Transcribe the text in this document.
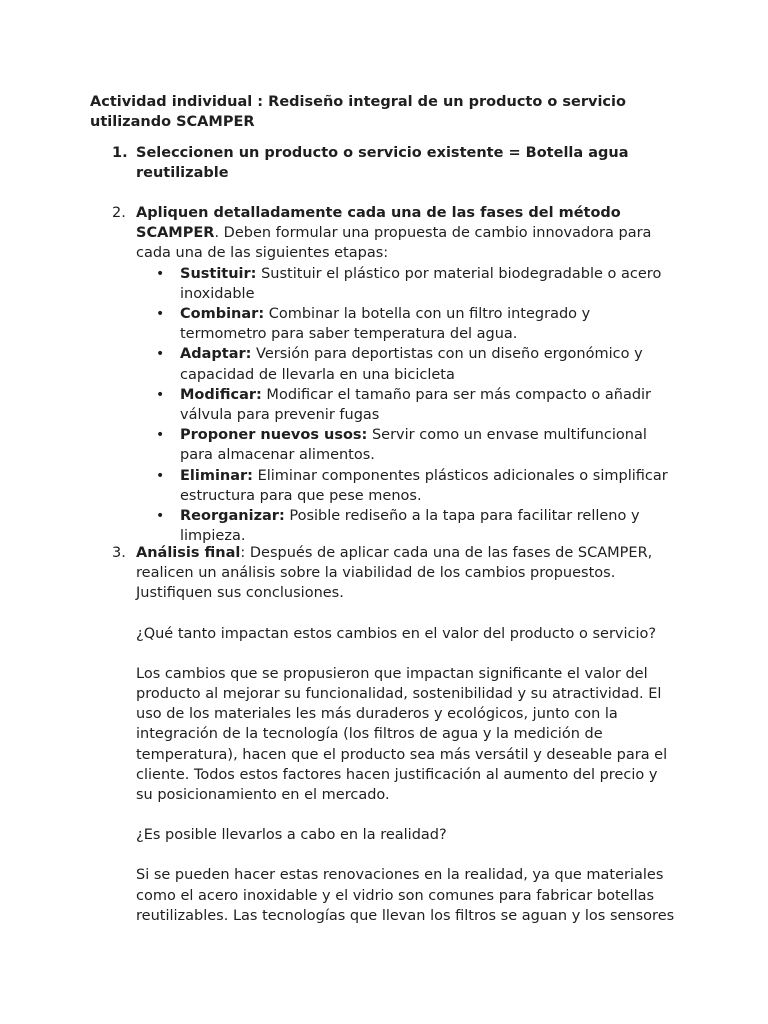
Actividad individual : Rediseño integral de un producto o servicio utilizando SCAMPER
1. Seleccionen un producto o servicio existente = Botella agua reutilizable
2. Apliquen detalladamente cada una de las fases del método
SCAMPER. Deben formular una propuesta de cambio innovadora para cada una de las siguientes etapas:

• Sustituir: Sustituir el plástico por material biodegradable o acero inoxidable
• Combinar: Combinar la botella con un filtro integrado y termometro para saber temperatura del agua.
• Adaptar: Versión para deportistas con un diseño ergonómico y capacidad de llevarla en una bicicleta
• Modificar: Modificar el tamaño para ser más compacto o añadir válvula para prevenir fugas
• Proponer nuevos usos: Servir como un envase multifuncional para almacenar alimentos.
• Eliminar: Eliminar componentes plásticos adicionales o simplificar estructura para que pese menos.
• Reorganizar: Posible rediseño a la tapa para facilitar relleno y limpieza.
3. Análisis final: Después de aplicar cada una de las fases de SCAMPER, realicen un análisis sobre la viabilidad de los cambios propuestos. Justifiquen sus conclusiones.

¿Qué tanto impactan estos cambios en el valor del producto o servicio?

Los cambios que se propusieron que impactan significante el valor del producto al mejorar su funcionalidad, sostenibilidad y su atractividad. El uso de los materiales les más duraderos y ecológicos, junto con la integración de la tecnología (los filtros de agua y la medición de temperatura), hacen que el producto sea más versátil y deseable para el cliente. Todos estos factores hacen justificación al aumento del precio y su posicionamiento en el mercado.

¿Es posible llevarlos a cabo en la realidad?

Si se pueden hacer estas renovaciones en la realidad, ya que materiales como el acero inoxidable y el vidrio son comunes para fabricar botellas reutilizables. Las tecnologías que llevan los filtros se aguan y los sensores
